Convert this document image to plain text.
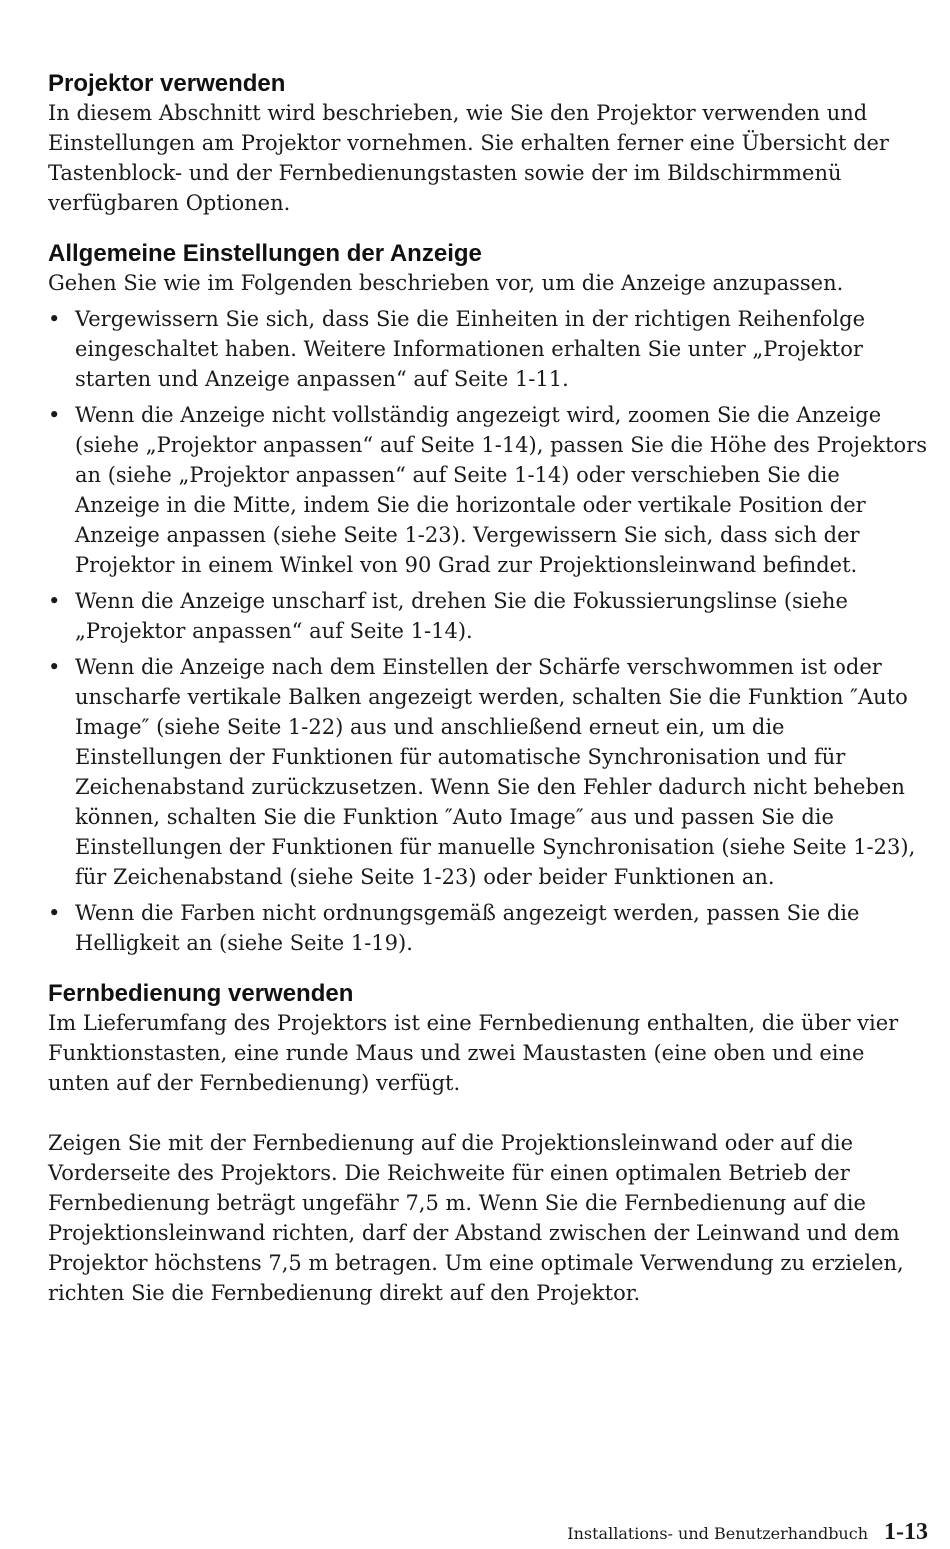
Projektor verwenden

In diesem Abschnitt wird beschrieben, wie Sie den Projektor verwenden und Einstellungen am Projektor vornehmen. Sie erhalten ferner eine Übersicht der Tastenblock- und der Fernbedienungstasten sowie der im Bildschirmmenü verfügbaren Optionen.

Allgemeine Einstellungen der Anzeige

Gehen Sie wie im Folgenden beschrieben vor, um die Anzeige anzupassen.

• Vergewissern Sie sich, dass Sie die Einheiten in der richtigen Reihenfolge eingeschaltet haben. Weitere Informationen erhalten Sie unter „Projektor starten und Anzeige anpassen“ auf Seite 1-11.
• Wenn die Anzeige nicht vollständig angezeigt wird, zoomen Sie die Anzeige (siehe „Projektor anpassen“ auf Seite 1-14), passen Sie die Höhe des Projektors an (siehe „Projektor anpassen“ auf Seite 1-14) oder verschieben Sie die Anzeige in die Mitte, indem Sie die horizontale oder vertikale Position der Anzeige anpassen (siehe Seite 1-23). Vergewissern Sie sich, dass sich der Projektor in einem Winkel von 90 Grad zur Projektionsleinwand befindet.
• Wenn die Anzeige unscharf ist, drehen Sie die Fokussierungslinse (siehe „Projektor anpassen“ auf Seite 1-14).
• Wenn die Anzeige nach dem Einstellen der Schärfe verschwommen ist oder unscharfe vertikale Balken angezeigt werden, schalten Sie die Funktion ″Auto Image″ (siehe Seite 1-22) aus und anschließend erneut ein, um die Einstellungen der Funktionen für automatische Synchronisation und für Zeichenabstand zurückzusetzen. Wenn Sie den Fehler dadurch nicht beheben können, schalten Sie die Funktion ″Auto Image″ aus und passen Sie die Einstellungen der Funktionen für manuelle Synchronisation (siehe Seite 1-23), für Zeichenabstand (siehe Seite 1-23) oder beider Funktionen an.
• Wenn die Farben nicht ordnungsgemäß angezeigt werden, passen Sie die Helligkeit an (siehe Seite 1-19).
Fernbedienung verwenden

Im Lieferumfang des Projektors ist eine Fernbedienung enthalten, die über vier Funktionstasten, eine runde Maus und zwei Maustasten (eine oben und eine unten auf der Fernbedienung) verfügt.

Zeigen Sie mit der Fernbedienung auf die Projektionsleinwand oder auf die Vorderseite des Projektors. Die Reichweite für einen optimalen Betrieb der Fernbedienung beträgt ungefähr 7,5 m. Wenn Sie die Fernbedienung auf die Projektionsleinwand richten, darf der Abstand zwischen der Leinwand und dem Projektor höchstens 7,5 m betragen. Um eine optimale Verwendung zu erzielen, richten Sie die Fernbedienung direkt auf den Projektor.

Installations- und Benutzerhandbuch 1-13
